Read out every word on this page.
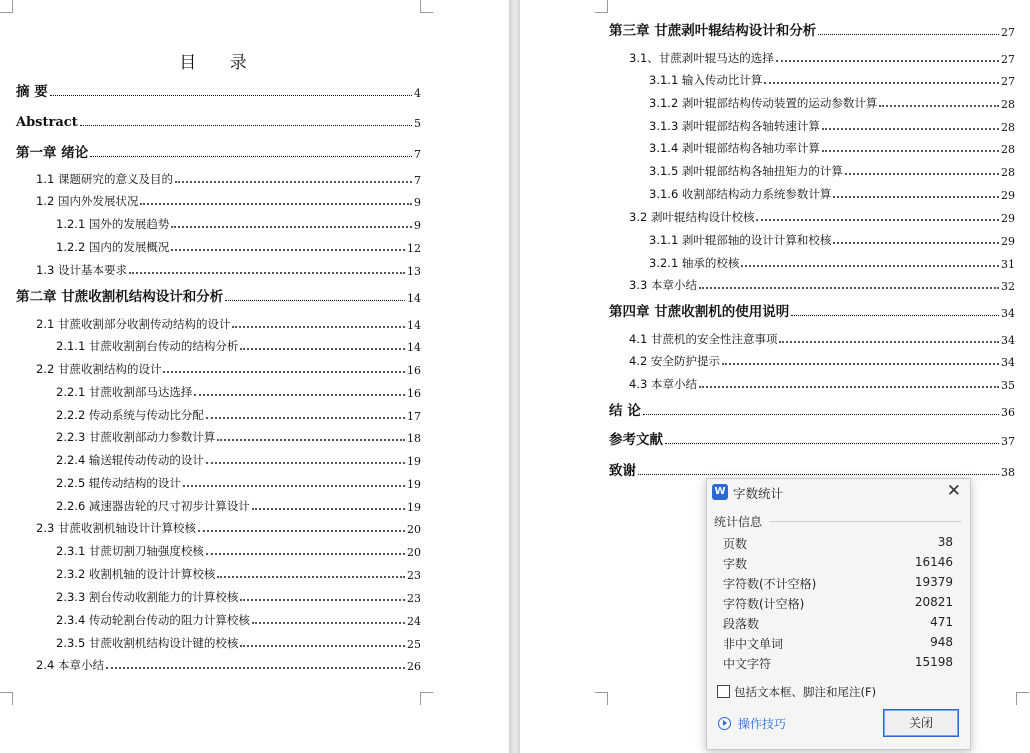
目 录
摘 要	4
Abstract	5
第一章 绪论	7
1.1 课题研究的意义及目的	7
1.2 国内外发展状况	9
1.2.1 国外的发展趋势	9
1.2.2 国内的发展概况	12
1.3 设计基本要求	13
第二章 甘蔗收割机结构设计和分析	14
2.1 甘蔗收割部分收割传动结构的设计	14
2.1.1 甘蔗收割割台传动的结构分析	14
2.2 甘蔗收割结构的设计	16
2.2.1 甘蔗收割部马达选择	16
2.2.2 传动系统与传动比分配	17
2.2.3 甘蔗收割部动力参数计算	18
2.2.4 输送辊传动传动的设计	19
2.2.5 辊传动结构的设计	19
2.2.6 减速器齿轮的尺寸初步计算设计	19
2.3 甘蔗收割机轴设计计算校核	20
2.3.1 甘蔗切割刀轴强度校核	20
2.3.2 收割机轴的设计计算校核	23
2.3.3 割台传动收割能力的计算校核	23
2.3.4 传动轮割台传动的阻力计算校核	24
2.3.5 甘蔗收割机结构设计键的校核	25
2.4 本章小结	26
第三章 甘蔗剥叶辊结构设计和分析	27
3.1、甘蔗剥叶辊马达的选择	27
3.1.1 输入传动比计算	27
3.1.2 剥叶辊部结构传动装置的运动参数计算	28
3.1.3 剥叶辊部结构各轴转速计算	28
3.1.4 剥叶辊部结构各轴功率计算	28
3.1.5 剥叶辊部结构各轴扭矩力的计算	28
3.1.6 收割部结构动力系统参数计算	29
3.2 剥叶辊结构设计校核	29
3.1.1 剥叶辊部轴的设计计算和校核	29
3.2.1 轴承的校核	31
3.3 本章小结	32
第四章 甘蔗收割机的使用说明	34
4.1 甘蔗机的安全性注意事项	34
4.2 安全防护提示	34
4.3 本章小结	35
结 论	36
参考文献	37
致谢	38
W 字数统计	✕
统计信息
页数	38
字数	16146
字符数(不计空格)	19379
字符数(计空格)	20821
段落数	471
非中文单词	948
中文字符	15198
包括文本框、脚注和尾注(F)
操作技巧	关闭
